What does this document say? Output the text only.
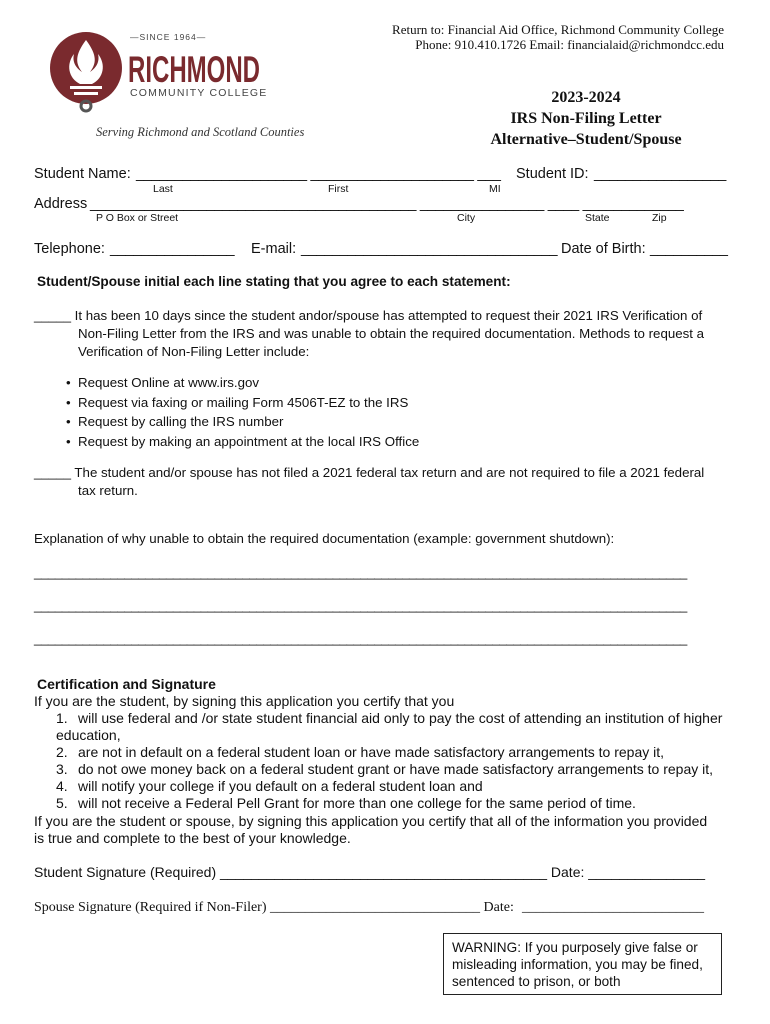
—SINCE 1964—
RICHMOND
COMMUNITY COLLEGE
Return to: Financial Aid Office, Richmond Community College
Phone: 910.410.1726 Email: financialaid@richmondcc.edu
Serving Richmond and Scotland Counties
2023-2024
IRS Non-Filing Letter
Alternative–Student/Spouse
Student Name: ______________________ _____________________ ___ Student ID: _________________
Last	First	MI
Address __________________________________________ ________________ ____ _____________
P O Box or Street	City	State	Zip
Telephone: ________________ E-mail: _________________________________ Date of Birth: __________
Student/Spouse initial each line stating that you agree to each statement:
_____ It has been 10 days since the student andor/spouse has attempted to request their 2021 IRS Verification of
Non-Filing Letter from the IRS and was unable to obtain the required documentation. Methods to request a
Verification of Non-Filing Letter include:
• Request Online at www.irs.gov
• Request via faxing or mailing Form 4506T-EZ to the IRS
• Request by calling the IRS number
• Request by making an appointment at the local IRS Office
_____ The student and/or spouse has not filed a 2021 federal tax return and are not required to file a 2021 federal
tax return.
Explanation of why unable to obtain the required documentation (example: government shutdown):
______________________________________________________________________________________________
______________________________________________________________________________________________
______________________________________________________________________________________________
Certification and Signature
If you are the student, by signing this application you certify that you
1. will use federal and /or state student financial aid only to pay the cost of attending an institution of higher
education,
2. are not in default on a federal student loan or have made satisfactory arrangements to repay it,
3. do not owe money back on a federal student grant or have made satisfactory arrangements to repay it,
4. will notify your college if you default on a federal student loan and
5. will not receive a Federal Pell Grant for more than one college for the same period of time.
If you are the student or spouse, by signing this application you certify that all of the information you provided
is true and complete to the best of your knowledge.
Student Signature (Required) __________________________________________ Date: _______________
Spouse Signature (Required if Non-Filer) ______________________________ Date: __________________________
WARNING: If you purposely give false or misleading information, you may be fined, sentenced to prison, or both
